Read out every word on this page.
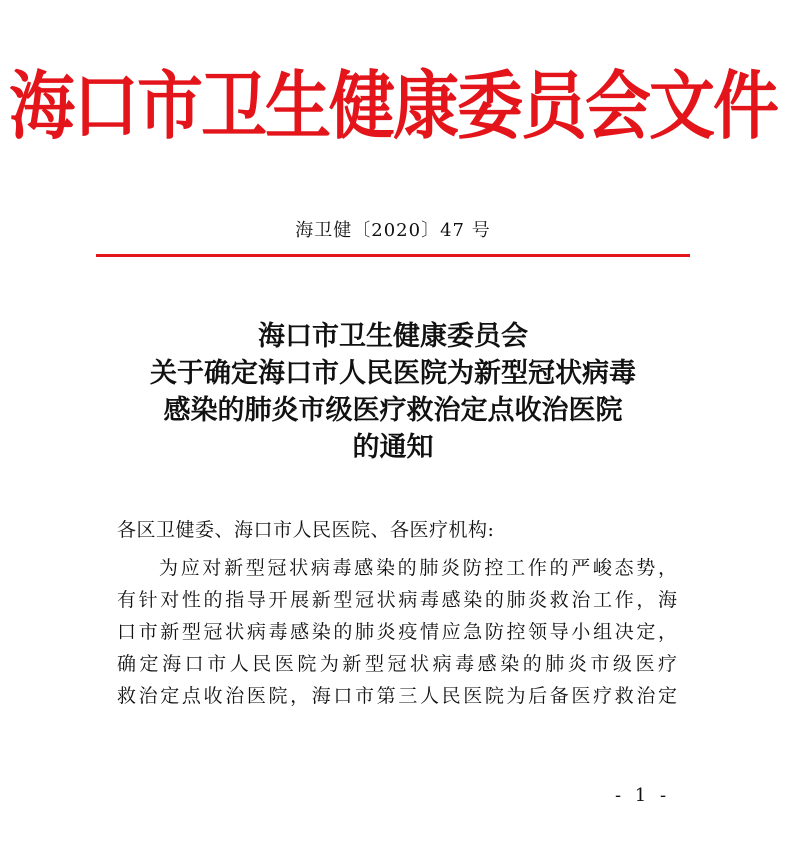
海口市卫生健康委员会文件
海卫健〔2020〕47 号
海口市卫生健康委员会
关于确定海口市人民医院为新型冠状病毒
感染的肺炎市级医疗救治定点收治医院
的通知
各区卫健委、海口市人民医院、各医疗机构:
为应对新型冠状病毒感染的肺炎防控工作的严峻态势，
有针对性的指导开展新型冠状病毒感染的肺炎救治工作，海
口市新型冠状病毒感染的肺炎疫情应急防控领导小组决定，
确定海口市人民医院为新型冠状病毒感染的肺炎市级医疗
救治定点收治医院，海口市第三人民医院为后备医疗救治定
- 1 -
